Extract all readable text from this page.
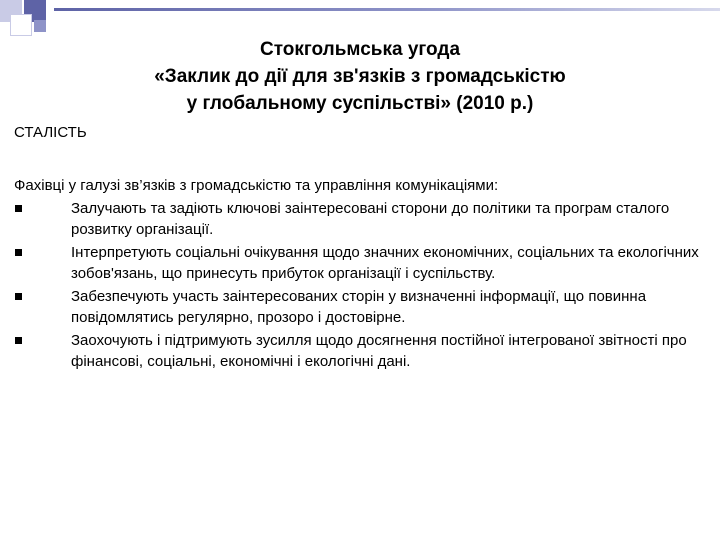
Стокгольмська угода
«Заклик до дії для зв'язків з громадськістю
у глобальному суспільстві» (2010 р.)
СТАЛІСТЬ
Фахівці у галузі зв’язків з громадськістю та управління комунікаціями:
Залучають та задіють ключові заінтересовані сторони до політики та програм сталого розвитку організації.
Інтерпретують соціальні очікування щодо значних економічних, соціальних та екологічних зобов'язань, що принесуть прибуток організації і суспільству.
Забезпечують участь заінтересованих сторін у визначенні інформації, що повинна повідомлятись регулярно, прозоро і достовірне.
Заохочують і підтримують зусилля щодо досягнення постійної інтегрованої звітності про фінансові, соціальні, економічні і екологічні дані.
